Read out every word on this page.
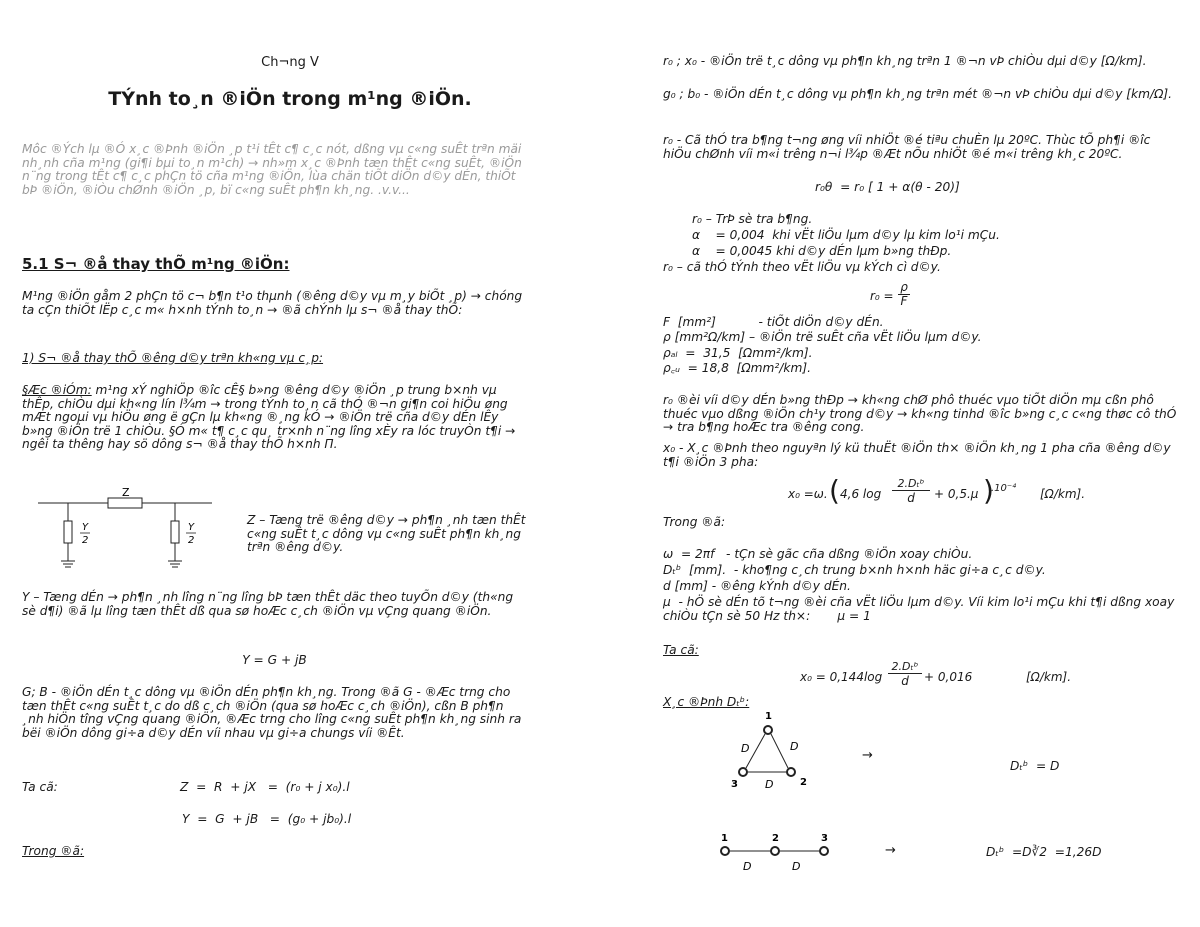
Ch¬ng V
TÝnh to¸n ®iÖn trong m¹ng ®iÖn.
Môc ®Ých lµ ®Ó x¸c ®Þnh ®iÖn ¸p t¹i tÊt c¶ c¸c nót, dßng vµ c«ng suÊt trªn mäi nh¸nh cña m¹ng (gi¶i bµi to¸n m¹ch) → nh»m x¸c ®Þnh tæn thÊt c«ng suÊt, ®iÖn n¨ng trong tÊt c¶ c¸c phÇn tö cña m¹ng ®iÖn, lùa chän tiÕt diÖn d©y dÉn, thiÕt bÞ ®iÖn, ®iÒu chØnh ®iÖn ¸p, bï c«ng suÊt ph¶n kh¸ng. .v.v...
5.1 S¬ ®å thay thÕ m¹ng ®iÖn:
M¹ng ®iÖn gåm 2 phÇn tö c¬ b¶n t¹o thµnh (®êng d©y vµ m¸y biÕt ¸p) → chóng ta cÇn thiÕt lËp c¸c m« h×nh tÝnh to¸n → ®ã chÝnh lµ s¬ ®å thay thÕ:
1) S¬ ®å thay thÕ ®êng d©y trªn kh«ng vµ c¸p:
§Æc ®iÓm: m¹ng xÝ nghiÖp ®îc cÊ§ b»ng ®êng d©y ®iÖn ¸p trung b×nh vµ thÊp, chiÒu dµi kh«ng lín l¾m → trong tÝnh to¸n cã thÓ ®¬n gi¶n coi hiÖu øng mÆt ngoµi vµ hiÖu øng ë gÇn lµ kh«ng ®¸ng kÓ → ®iÖn trë cña d©y dÉn lÊy b»ng ®iÖn trë 1 chiÒu. §Ó m« t¶ c¸c qu¸ tr×nh n¨ng lîng xÈy ra lóc truyÒn t¶i → ngêi ta thêng hay sö dông s¬ ®å thay thÕ h×nh Π.
Z
Y
2
Y
2
Z – Tæng trë ®êng d©y → ph¶n ¸nh tæn thÊt c«ng suÊt t¸c dông vµ c«ng suÊt ph¶n kh¸ng trªn ®êng d©y.
Y – Tæng dÉn → ph¶n ¸nh lîng n¨ng lîng bÞ tæn thÊt däc theo tuyÕn d©y (th«ng sè d¶i) ®ã lµ lîng tæn thÊt dß qua sø hoÆc c¸ch ®iÖn vµ vÇng quang ®iÖn.
Y = G + jB
G; B - ®iÖn dÉn t¸c dông vµ ®iÖn dÉn ph¶n kh¸ng. Trong ®ã G - ®Æc trng cho tæn thÊt c«ng suÊt t¸c do dß c¸ch ®iÖn (qua sø hoÆc c¸ch ®iÖn), cßn B ph¶n ¸nh hiÖn tîng vÇng quang ®iÖn, ®Æc trng cho lîng c«ng suÊt ph¶n kh¸ng sinh ra bëi ®iÖn dông gi÷a d©y dÉn víi nhau vµ gi÷a chungs víi ®Êt.
Ta cã:	Z  =  R  + jX   =  (r₀ + j x₀).l
Y  =  G  + jB   =  (g₀ + jb₀).l
Trong ®ã:
r₀ ; x₀ - ®iÖn trë t¸c dông vµ ph¶n kh¸ng trªn 1 ®¬n vÞ chiÒu dµi d©y [Ω/km].
g₀ ; b₀ - ®iÖn dÉn t¸c dông vµ ph¶n kh¸ng trªn mét ®¬n vÞ chiÒu dµi d©y [km/Ω].
r₀ - Cã thÓ tra b¶ng t¬ng øng víi nhiÖt ®é tiªu chuÈn lµ 20ºC. Thùc tÕ ph¶i ®îc hiÖu chØnh víi m«i trêng n¬i l¾p ®Æt nÕu nhiÖt ®é m«i trêng kh¸c 20ºC.
r₀θ  = r₀ [ 1 + α(θ - 20)]
r₀ – TrÞ sè tra b¶ng.
α    = 0,004  khi vËt liÖu lµm d©y lµ kim lo¹i mÇu.
α    = 0,0045 khi d©y dÉn lµm b»ng thÐp.
r₀ – cã thÓ tÝnh theo vËt liÖu vµ kÝch cì d©y.
r₀ =
ρ
F
F  [mm²]           - tiÕt diÖn d©y dÉn.
ρ [mm²Ω/km] – ®iÖn trë suÊt cña vËt liÖu lµm d©y.
ρₐₗ  =  31,5  [Ωmm²/km].
ρ꜀ᵤ  = 18,8  [Ωmm²/km].
r₀ ®èi víi d©y dÉn b»ng thÐp → kh«ng chØ phô thuéc vµo tiÕt diÖn mµ cßn phô thuéc vµo dßng ®iÖn ch¹y trong d©y → kh«ng tinhd ®îc b»ng c¸c c«ng thøc cô thÓ → tra b¶ng hoÆc tra ®êng cong.
x₀ - X¸c ®Þnh theo nguyªn lý kü thuËt ®iÖn th× ®iÖn kh¸ng 1 pha cña ®êng d©y t¶i ®iÖn 3 pha:
x₀ =ω. ( 4,6 log
2.Dₜᵇ
d	+ 0,5.μ )
.10⁻⁴ [Ω/km].
Trong ®ã:
ω  = 2πf   - tÇn sè gãc cña dßng ®iÖn xoay chiÒu.
Dₜᵇ  [mm].  - kho¶ng c¸ch trung b×nh h×nh häc gi÷a c¸c d©y.
d [mm] - ®êng kÝnh d©y dÉn.
μ  - hÖ sè dÉn tõ t¬ng ®èi cña vËt liÖu lµm d©y. Víi kim lo¹i mÇu khi t¶i dßng xoay chiÒu tÇn sè 50 Hz th×:       μ = 1
Ta cã:
x₀ = 0,144log
2.Dₜᵇ
d	+ 0,016	[Ω/km].
X¸c ®Þnh Dₜᵇ:
1
2
3
D	D
D
→
Dₜᵇ  = D
1	2	3
D	D
→	Dₜᵇ  =D∛2  =1,26D
